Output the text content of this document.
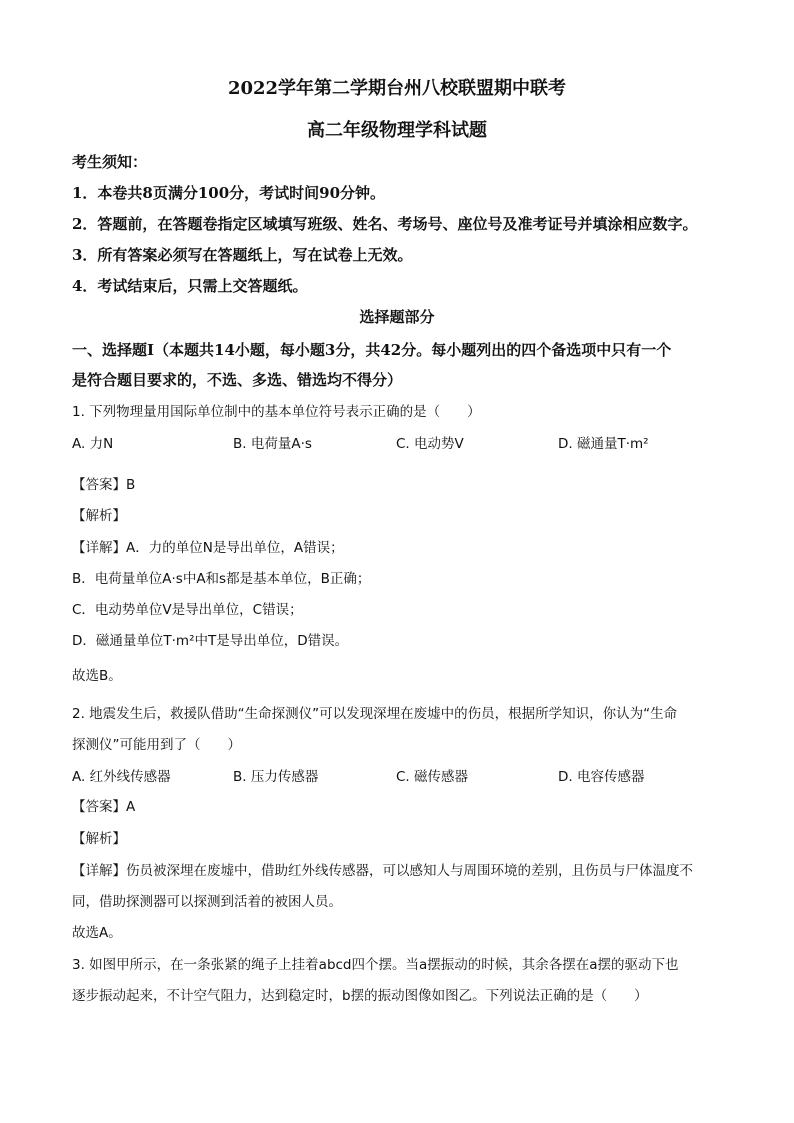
2022学年第二学期台州八校联盟期中联考
高二年级物理学科试题
考生须知：
1．本卷共8页满分100分，考试时间90分钟。
2．答题前，在答题卷指定区域填写班级、姓名、考场号、座位号及准考证号并填涂相应数字。
3．所有答案必须写在答题纸上，写在试卷上无效。
4．考试结束后，只需上交答题纸。
选择题部分
一、选择题Ⅰ（本题共14小题，每小题3分，共42分。每小题列出的四个备选项中只有一个
是符合题目要求的，不选、多选、错选均不得分）
1. 下列物理量用国际单位制中的基本单位符号表示正确的是（　　）
A. 力N	B. 电荷量A·s	C. 电动势V	D. 磁通量T·m²
【答案】B
【解析】
【详解】A．力的单位N是导出单位，A错误；
B．电荷量单位A·s中A和s都是基本单位，B正确；
C．电动势单位V是导出单位，C错误；
D．磁通量单位T·m²中T是导出单位，D错误。
故选B。
2. 地震发生后，救援队借助“生命探测仪”可以发现深埋在废墟中的伤员，根据所学知识，你认为“生命
探测仪”可能用到了（　　）
A. 红外线传感器	B. 压力传感器	C. 磁传感器	D. 电容传感器
【答案】A
【解析】
【详解】伤员被深埋在废墟中，借助红外线传感器，可以感知人与周围环境的差别，且伤员与尸体温度不
同，借助探测器可以探测到活着的被困人员。
故选A。
3. 如图甲所示，在一条张紧的绳子上挂着abcd四个摆。当a摆振动的时候，其余各摆在a摆的驱动下也
逐步振动起来，不计空气阻力，达到稳定时，b摆的振动图像如图乙。下列说法正确的是（　　）
